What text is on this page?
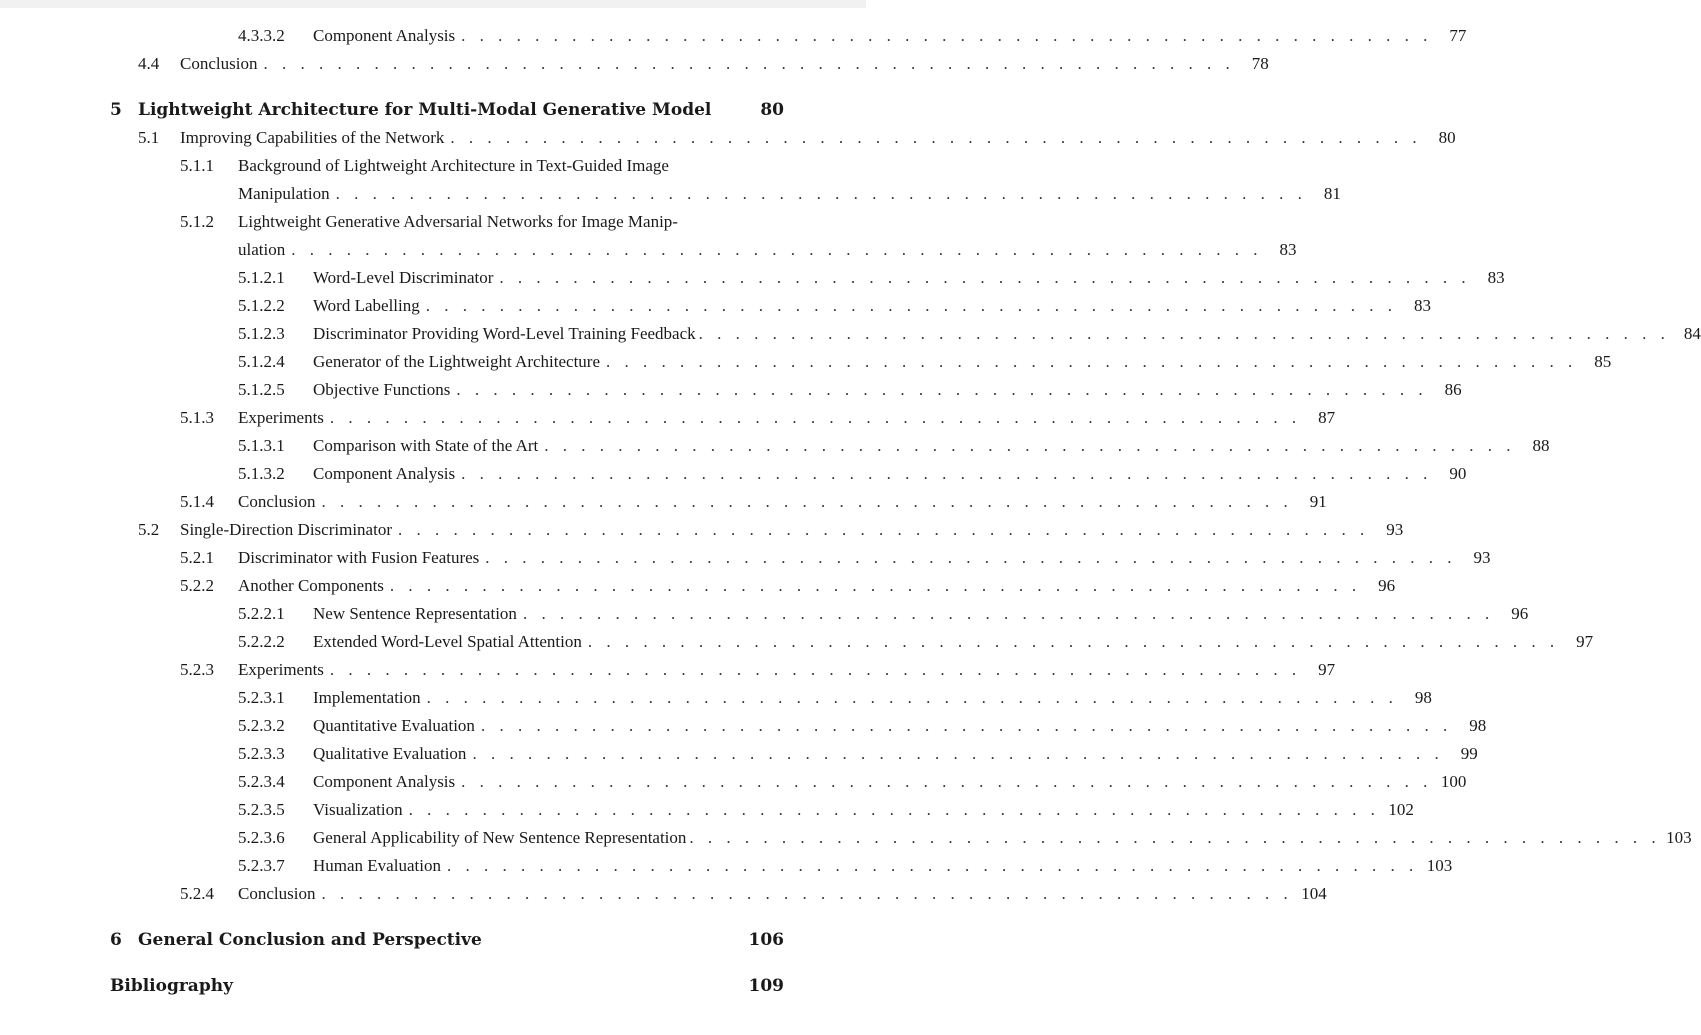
4.3.3.2	Component Analysis . . . . . . . . . . . . . . . . . . . . . . . . . . . . . . . . . . . . . . . . . . . . . . . . . . . . .	77
4.4	Conclusion . . . . . . . . . . . . . . . . . . . . . . . . . . . . . . . . . . . . . . . . . . . . . . . . . . . . .	78
5 Lightweight Architecture for Multi-Modal Generative Model	80
5.1	Improving Capabilities of the Network . . . . . . . . . . . . . . . . . . . . . . . . . . . . . . . . . . . . . . . . . . . . . . . . . . . . .	80
5.1.1	Background of Lightweight Architecture in Text-Guided Image
Manipulation . . . . . . . . . . . . . . . . . . . . . . . . . . . . . . . . . . . . . . . . . . . . . . . . . . . . .	81
5.1.2	Lightweight Generative Adversarial Networks for Image Manip-
ulation . . . . . . . . . . . . . . . . . . . . . . . . . . . . . . . . . . . . . . . . . . . . . . . . . . . . .	83
5.1.2.1	Word-Level Discriminator . . . . . . . . . . . . . . . . . . . . . . . . . . . . . . . . . . . . . . . . . . . . . . . . . . . . .	83
5.1.2.2	Word Labelling . . . . . . . . . . . . . . . . . . . . . . . . . . . . . . . . . . . . . . . . . . . . . . . . . . . . .	83
5.1.2.3	Discriminator Providing Word-Level Training Feedback . . . . . . . . . . . . . . . . . . . . . . . . . . . . . . . . . . . . . . . . . . . . . . . . . . . . . 84
5.1.2.4	Generator of the Lightweight Architecture . . . . . . . . . . . . . . . . . . . . . . . . . . . . . . . . . . . . . . . . . . . . . . . . . . . . .	85
5.1.2.5	Objective Functions . . . . . . . . . . . . . . . . . . . . . . . . . . . . . . . . . . . . . . . . . . . . . . . . . . . . .	86
5.1.3	Experiments . . . . . . . . . . . . . . . . . . . . . . . . . . . . . . . . . . . . . . . . . . . . . . . . . . . . .	87
5.1.3.1	Comparison with State of the Art . . . . . . . . . . . . . . . . . . . . . . . . . . . . . . . . . . . . . . . . . . . . . . . . . . . . .	88
5.1.3.2	Component Analysis . . . . . . . . . . . . . . . . . . . . . . . . . . . . . . . . . . . . . . . . . . . . . . . . . . . . .	90
5.1.4	Conclusion . . . . . . . . . . . . . . . . . . . . . . . . . . . . . . . . . . . . . . . . . . . . . . . . . . . . .	91
5.2	Single-Direction Discriminator . . . . . . . . . . . . . . . . . . . . . . . . . . . . . . . . . . . . . . . . . . . . . . . . . . . . .	93
5.2.1	Discriminator with Fusion Features . . . . . . . . . . . . . . . . . . . . . . . . . . . . . . . . . . . . . . . . . . . . . . . . . . . . .	93
5.2.2	Another Components . . . . . . . . . . . . . . . . . . . . . . . . . . . . . . . . . . . . . . . . . . . . . . . . . . . . .	96
5.2.2.1	New Sentence Representation . . . . . . . . . . . . . . . . . . . . . . . . . . . . . . . . . . . . . . . . . . . . . . . . . . . . .	96
5.2.2.2	Extended Word-Level Spatial Attention . . . . . . . . . . . . . . . . . . . . . . . . . . . . . . . . . . . . . . . . . . . . . . . . . . . . .	97
5.2.3	Experiments . . . . . . . . . . . . . . . . . . . . . . . . . . . . . . . . . . . . . . . . . . . . . . . . . . . . .	97
5.2.3.1	Implementation . . . . . . . . . . . . . . . . . . . . . . . . . . . . . . . . . . . . . . . . . . . . . . . . . . . . .	98
5.2.3.2	Quantitative Evaluation . . . . . . . . . . . . . . . . . . . . . . . . . . . . . . . . . . . . . . . . . . . . . . . . . . . . .	98
5.2.3.3	Qualitative Evaluation . . . . . . . . . . . . . . . . . . . . . . . . . . . . . . . . . . . . . . . . . . . . . . . . . . . . .	99
5.2.3.4	Component Analysis . . . . . . . . . . . . . . . . . . . . . . . . . . . . . . . . . . . . . . . . . . . . . . . . . . . . . 100
5.2.3.5	Visualization . . . . . . . . . . . . . . . . . . . . . . . . . . . . . . . . . . . . . . . . . . . . . . . . . . . . . 102
5.2.3.6	General Applicability of New Sentence Representation . . . . . . . . . . . . . . . . . . . . . . . . . . . . . . . . . . . . . . . . . . . . . . . . . . . . . 103
5.2.3.7	Human Evaluation . . . . . . . . . . . . . . . . . . . . . . . . . . . . . . . . . . . . . . . . . . . . . . . . . . . . . 103
5.2.4	Conclusion . . . . . . . . . . . . . . . . . . . . . . . . . . . . . . . . . . . . . . . . . . . . . . . . . . . . . 104
6 General Conclusion and Perspective	106
Bibliography	109
